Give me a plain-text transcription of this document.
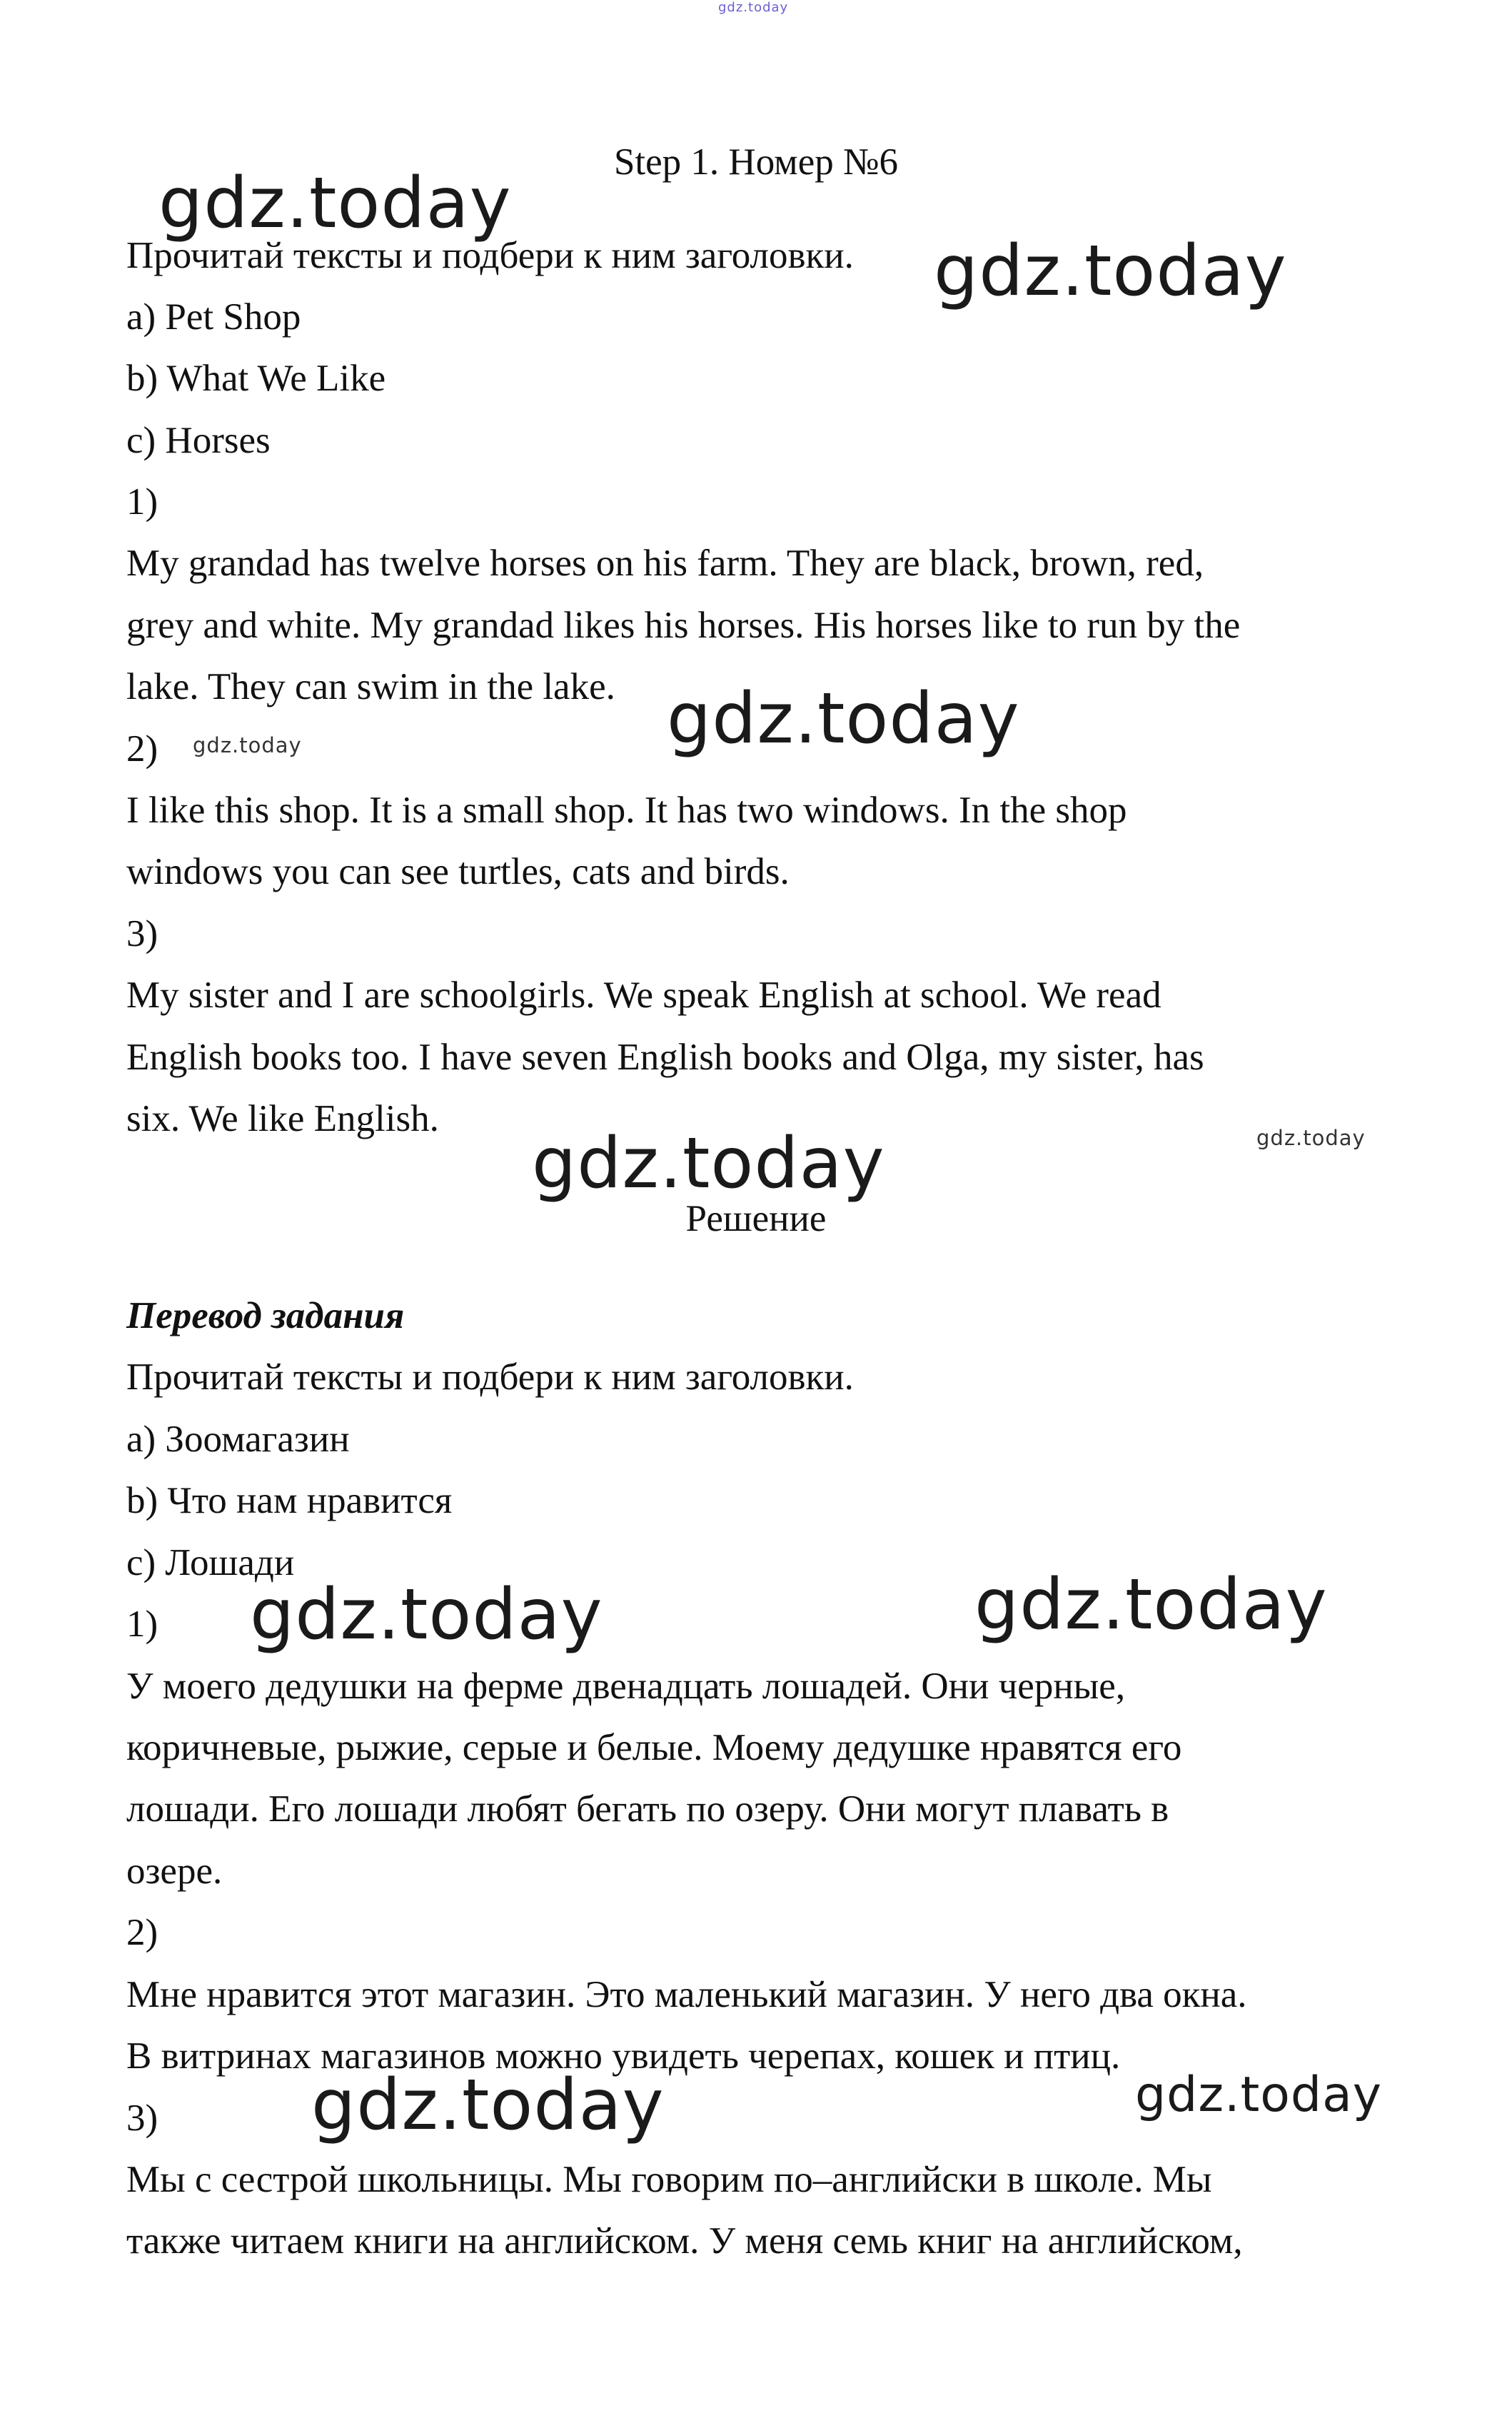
gdz.today

Step 1. Номер №6

Прочитай тексты и подбери к ним заголовки.

a) Pet Shop

b) What We Like

c) Horses

1)

My grandad has twelve horses on his farm. They are black, brown, red,

grey and white. My grandad likes his horses. His horses like to run by the

lake. They can swim in the lake.

2)

I like this shop. It is a small shop. It has two windows. In the shop

windows you can see turtles, cats and birds.

3)

My sister and I are schoolgirls. We speak English at school. We read

English books too. I have seven English books and Olga, my sister, has

six. We like English.

Решение

Перевод задания

Прочитай тексты и подбери к ним заголовки.

a) Зоомагазин

b) Что нам нравится

c) Лошади

1)

У моего дедушки на ферме двенадцать лошадей. Они черные,

коричневые, рыжие, серые и белые. Моему дедушке нравятся его

лошади. Его лошади любят бегать по озеру. Они могут плавать в

озере.

2)

Мне нравится этот магазин. Это маленький магазин. У него два окна.

В витринах магазинов можно увидеть черепах, кошек и птиц.

3)

Мы с сестрой школьницы. Мы говорим по–английски в школе. Мы

также читаем книги на английском. У меня семь книг на английском,

gdz.today
gdz.today
gdz.today
gdz.today
gdz.today
gdz.today
gdz.today	gdz.today
gdz.today	gdz.today
